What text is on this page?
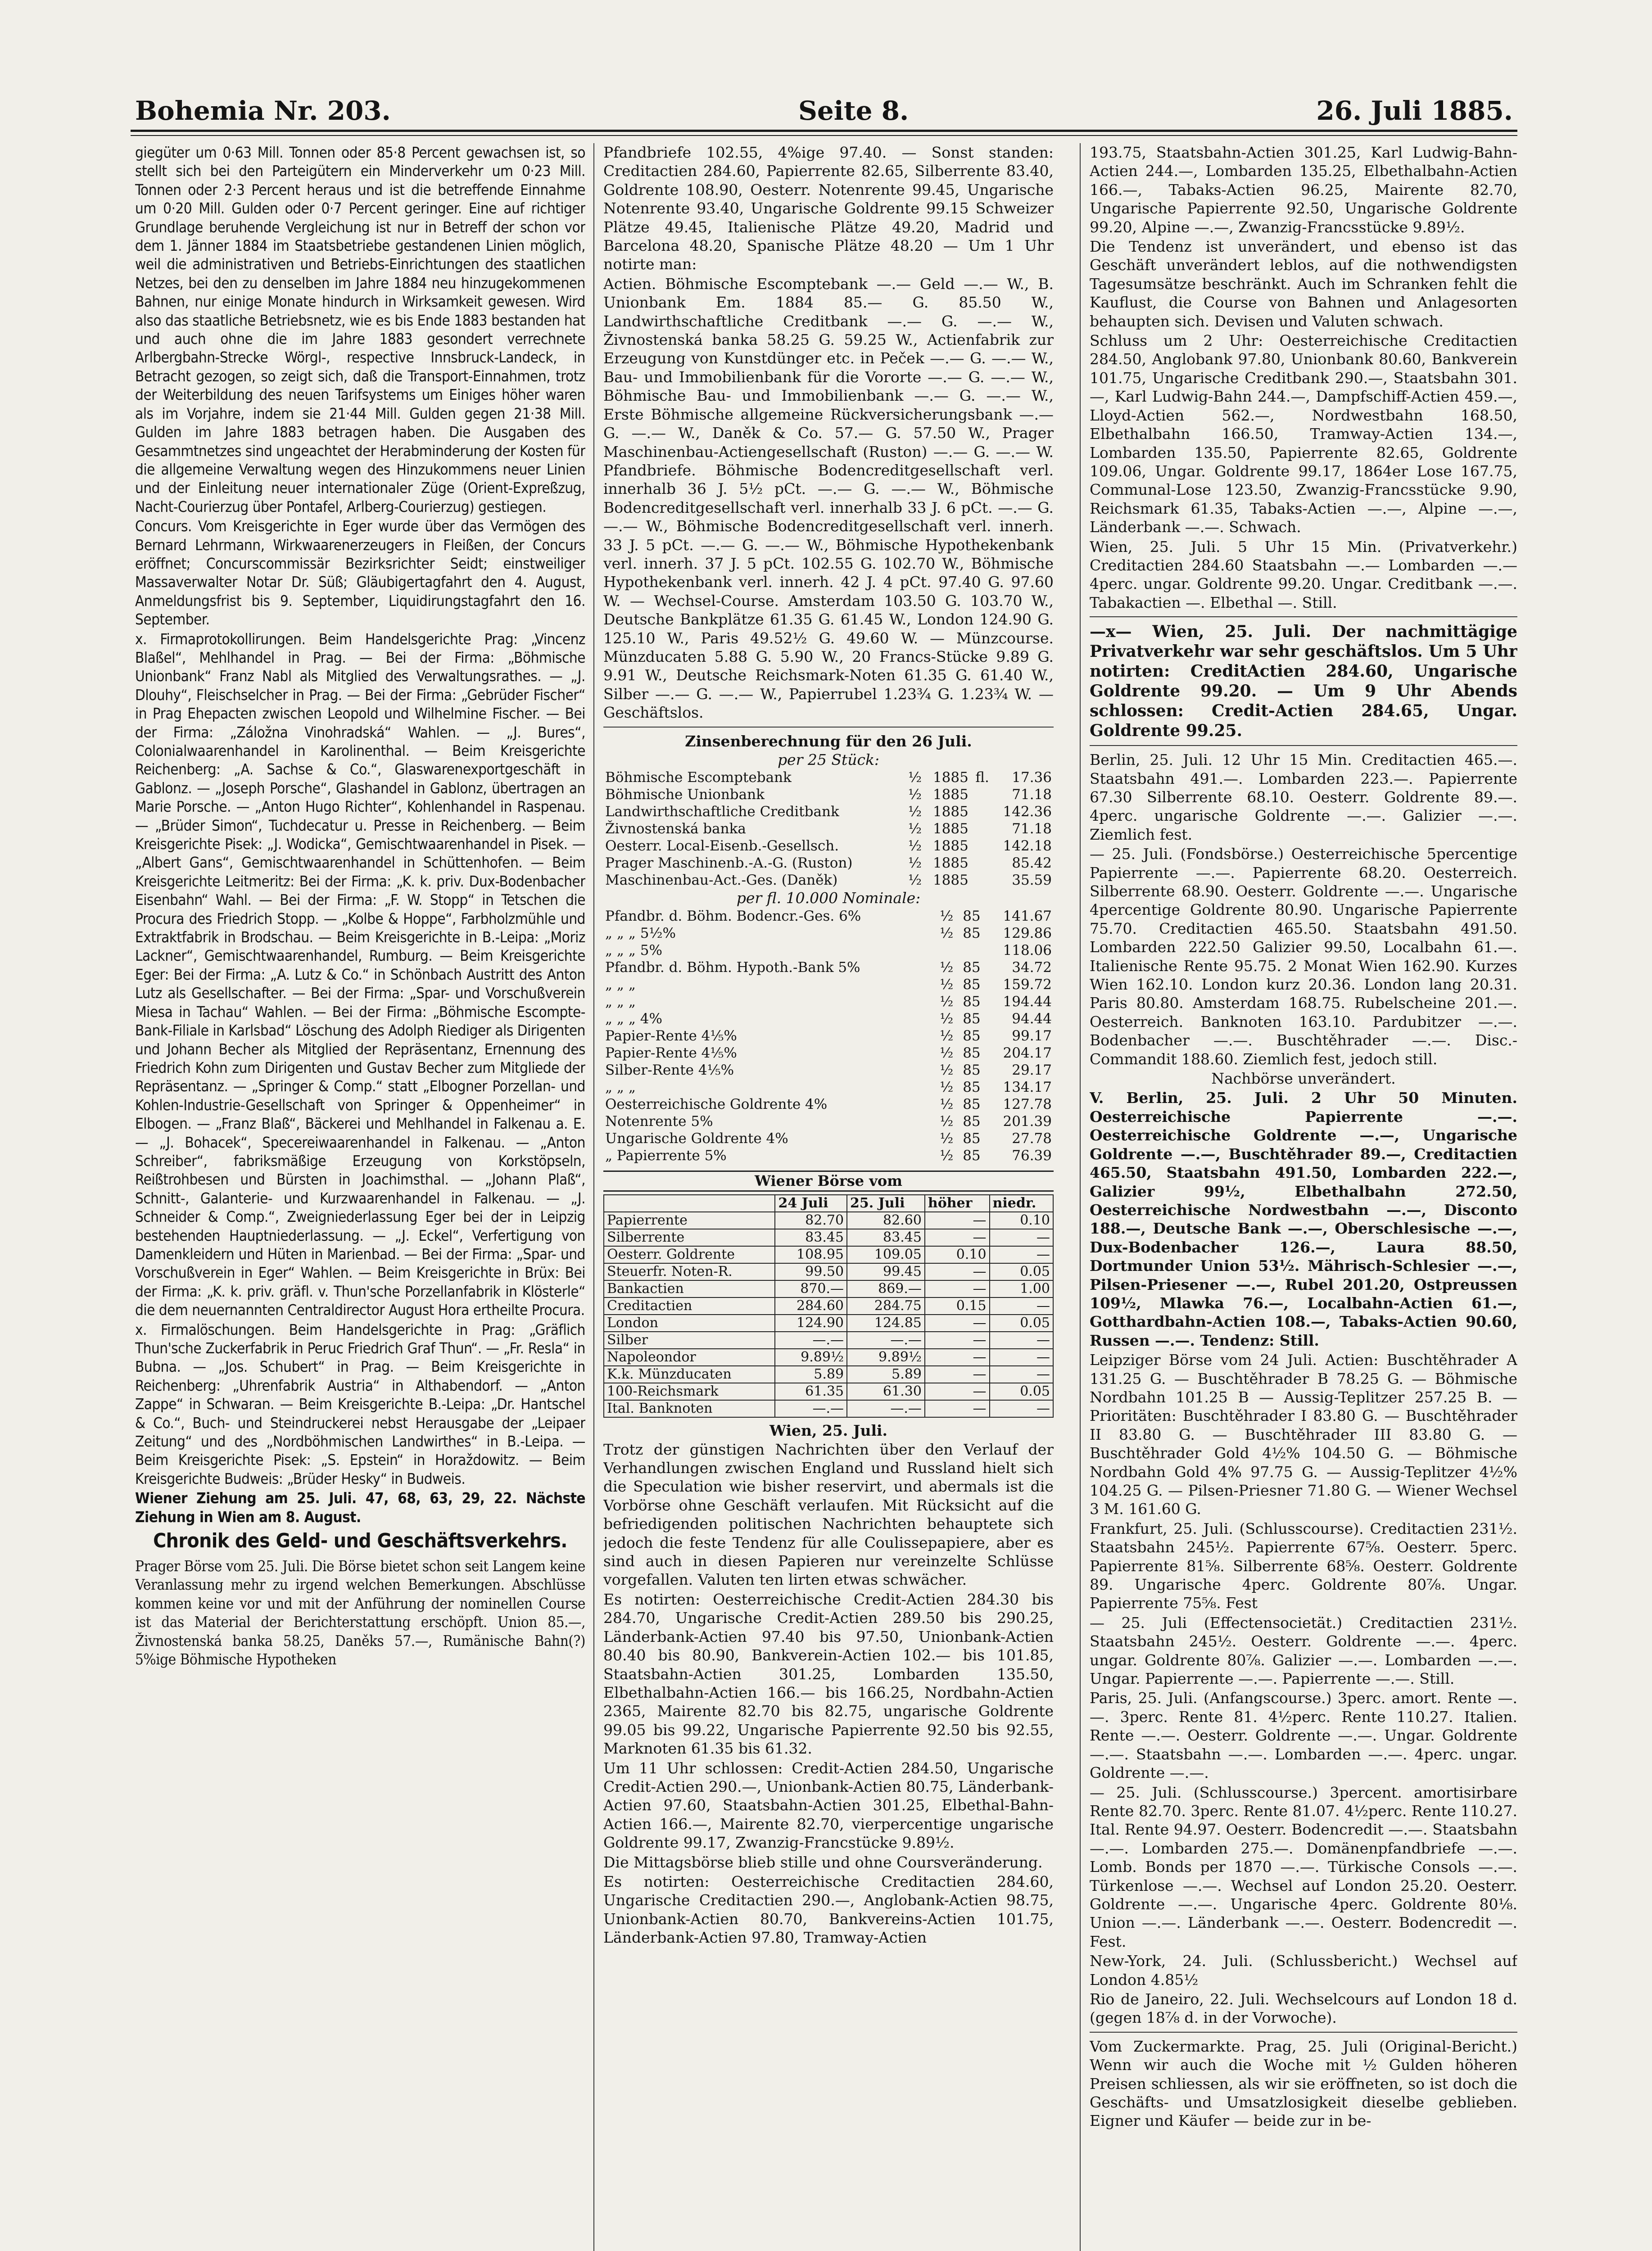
Bohemia Nr. 203.	Seite 8.	26. Juli 1885.

giegüter um 0·63 Mill. Tonnen oder 85·8 Percent gewachsen ist, so stellt sich bei den Parteigütern ein Minderverkehr um 0·23 Mill. Tonnen oder 2·3 Percent heraus und ist die betreffende Einnahme um 0·20 Mill. Gulden oder 0·7 Percent geringer. Eine auf richtiger Grundlage beruhende Vergleichung ist nur in Betreff der schon vor dem 1. Jänner 1884 im Staatsbetriebe gestandenen Linien möglich, weil die administrativen und Betriebs-Einrichtungen des staatlichen Netzes, bei den zu denselben im Jahre 1884 neu hinzugekommenen Bahnen, nur einige Monate hindurch in Wirksamkeit gewesen. Wird also das staatliche Betriebsnetz, wie es bis Ende 1883 bestanden hat und auch ohne die im Jahre 1883 gesondert verrechnete Arlbergbahn-Strecke Wörgl-, respective Innsbruck-Landeck, in Betracht gezogen, so zeigt sich, daß die Transport-Einnahmen, trotz der Weiterbildung des neuen Tarifsystems um Einiges höher waren als im Vorjahre, indem sie 21·44 Mill. Gulden gegen 21·38 Mill. Gulden im Jahre 1883 betragen haben. Die Ausgaben des Gesammtnetzes sind ungeachtet der Herabminderung der Kosten für die allgemeine Verwaltung wegen des Hinzukommens neuer Linien und der Einleitung neuer internationaler Züge (Orient-Expreßzug, Nacht-Courierzug über Pontafel, Arlberg-Courierzug) gestiegen.

Concurs. Vom Kreisgerichte in Eger wurde über das Vermögen des Bernard Lehrmann, Wirkwaarenerzeugers in Fleißen, der Concurs eröffnet; Concurscommissär Bezirksrichter Seidt; einstweiliger Massaverwalter Notar Dr. Süß; Gläubigertagfahrt den 4. August, Anmeldungsfrist bis 9. September, Liquidirungstagfahrt den 16. September.

x. Firmaprotokollirungen. Beim Handelsgerichte Prag: „Vincenz Blaßel“, Mehlhandel in Prag. — Bei der Firma: „Böhmische Unionbank“ Franz Nabl als Mitglied des Verwaltungsrathes. — „J. Dlouhy“, Fleischselcher in Prag. — Bei der Firma: „Gebrüder Fischer“ in Prag Ehepacten zwischen Leopold und Wilhelmine Fischer. — Bei der Firma: „Záložna Vinohradská“ Wahlen. — „J. Bures“, Colonialwaarenhandel in Karolinenthal. — Beim Kreisgerichte Reichenberg: „A. Sachse & Co.“, Glaswarenexportgeschäft in Gablonz. — „Joseph Porsche“, Glashandel in Gablonz, übertragen an Marie Porsche. — „Anton Hugo Richter“, Kohlenhandel in Raspenau. — „Brüder Simon“, Tuchdecatur u. Presse in Reichenberg. — Beim Kreisgerichte Pisek: „J. Wodicka“, Gemischtwaarenhandel in Pisek. — „Albert Gans“, Gemischtwaarenhandel in Schüttenhofen. — Beim Kreisgerichte Leitmeritz: Bei der Firma: „K. k. priv. Dux-Bodenbacher Eisenbahn“ Wahl. — Bei der Firma: „F. W. Stopp“ in Tetschen die Procura des Friedrich Stopp. — „Kolbe & Hoppe“, Farbholzmühle und Extraktfabrik in Brodschau. — Beim Kreisgerichte in B.-Leipa: „Moriz Lackner“, Gemischtwaarenhandel, Rumburg. — Beim Kreisgerichte Eger: Bei der Firma: „A. Lutz & Co.“ in Schönbach Austritt des Anton Lutz als Gesellschafter. — Bei der Firma: „Spar- und Vorschußverein Miesa in Tachau“ Wahlen. — Bei der Firma: „Böhmische Escompte-Bank-Filiale in Karlsbad“ Löschung des Adolph Riediger als Dirigenten und Johann Becher als Mitglied der Repräsentanz, Ernennung des Friedrich Kohn zum Dirigenten und Gustav Becher zum Mitgliede der Repräsentanz. — „Springer & Comp.“ statt „Elbogner Porzellan- und Kohlen-Industrie-Gesellschaft von Springer & Oppenheimer“ in Elbogen. — „Franz Blaß“, Bäckerei und Mehlhandel in Falkenau a. E. — „J. Bohacek“, Specereiwaarenhandel in Falkenau. — „Anton Schreiber“, fabriksmäßige Erzeugung von Korkstöpseln, Reißtrohbesen und Bürsten in Joachimsthal. — „Johann Plaß“, Schnitt-, Galanterie- und Kurzwaarenhandel in Falkenau. — „J. Schneider & Comp.“, Zweigniederlassung Eger bei der in Leipzig bestehenden Hauptniederlassung. — „J. Eckel“, Verfertigung von Damenkleidern und Hüten in Marienbad. — Bei der Firma: „Spar- und Vorschußverein in Eger“ Wahlen. — Beim Kreisgerichte in Brüx: Bei der Firma: „K. k. priv. gräfl. v. Thun'sche Porzellanfabrik in Klösterle“ die dem neuernannten Centraldirector August Hora ertheilte Procura.

x. Firmalöschungen. Beim Handelsgerichte in Prag: „Gräflich Thun'sche Zuckerfabrik in Peruc Friedrich Graf Thun“. — „Fr. Resla“ in Bubna. — „Jos. Schubert“ in Prag. — Beim Kreisgerichte in Reichenberg: „Uhrenfabrik Austria“ in Althabendorf. — „Anton Zappe“ in Schwaran. — Beim Kreisgerichte B.-Leipa: „Dr. Hantschel & Co.“, Buch- und Steindruckerei nebst Herausgabe der „Leipaer Zeitung“ und des „Nordböhmischen Landwirthes“ in B.-Leipa. — Beim Kreisgerichte Pisek: „S. Epstein“ in Horaždowitz. — Beim Kreisgerichte Budweis: „Brüder Hesky“ in Budweis.

Wiener Ziehung am 25. Juli. 47, 68, 63, 29, 22. Nächste Ziehung in Wien am 8. August.

Chronik des Geld- und Geschäftsverkehrs.

Prager Börse vom 25. Juli. Die Börse bietet schon seit Langem keine Veranlassung mehr zu irgend welchen Bemerkungen. Abschlüsse kommen keine vor und mit der Anführung der nominellen Course ist das Material der Berichterstattung erschöpft. Union 85.—, Živnostenská banka 58.25, Daněks 57.—, Rumänische Bahn(?) 5%ige Böhmische Hypotheken

Pfandbriefe 102.55, 4%ige 97.40. — Sonst standen: Creditactien 284.60, Papierrente 82.65, Silberrente 83.40, Goldrente 108.90, Oesterr. Notenrente 99.45, Ungarische Notenrente 93.40, Ungarische Goldrente 99.15 Schweizer Plätze 49.45, Italienische Plätze 49.20, Madrid und Barcelona 48.20, Spanische Plätze 48.20 — Um 1 Uhr notirte man:

Actien. Böhmische Escomptebank —.— Geld —.— W., B. Unionbank Em. 1884 85.— G. 85.50 W., Landwirthschaftliche Creditbank —.— G. —.— W., Živnostenská banka 58.25 G. 59.25 W., Actienfabrik zur Erzeugung von Kunstdünger etc. in Peček —.— G. —.— W., Bau- und Immobilienbank für die Vororte —.— G. —.— W., Böhmische Bau- und Immobilienbank —.— G. —.— W., Erste Böhmische allgemeine Rückversicherungsbank —.— G. —.— W., Daněk & Co. 57.— G. 57.50 W., Prager Maschinenbau-Actiengesellschaft (Ruston) —.— G. —.— W. Pfandbriefe. Böhmische Bodencreditgesellschaft verl. innerhalb 36 J. 5½ pCt. —.— G. —.— W., Böhmische Bodencreditgesellschaft verl. innerhalb 33 J. 6 pCt. —.— G. —.— W., Böhmische Bodencreditgesellschaft verl. innerh. 33 J. 5 pCt. —.— G. —.— W., Böhmische Hypothekenbank verl. innerh. 37 J. 5 pCt. 102.55 G. 102.70 W., Böhmische Hypothekenbank verl. innerh. 42 J. 4 pCt. 97.40 G. 97.60 W. — Wechsel-Course. Amsterdam 103.50 G. 103.70 W., Deutsche Bankplätze 61.35 G. 61.45 W., London 124.90 G. 125.10 W., Paris 49.52½ G. 49.60 W. — Münzcourse. Münzducaten 5.88 G. 5.90 W., 20 Francs-Stücke 9.89 G. 9.91 W., Deutsche Reichsmark-Noten 61.35 G. 61.40 W., Silber —.— G. —.— W., Papierrubel 1.23¾ G. 1.23¾ W. — Geschäftslos.

Zinsenberechnung für den 26 Juli.
per 25 Stück:
Böhmische Escomptebank	½	1885	fl.	17.36
Böhmische Unionbank	½	1885		71.18
Landwirthschaftliche Creditbank	½	1885		142.36
Živnostenská banka	½	1885		71.18
Oesterr. Local-Eisenb.-Gesellsch.	½	1885		142.18
Prager Maschinenb.-A.-G. (Ruston)	½	1885		85.42
Maschinenbau-Act.-Ges. (Daněk)	½	1885		35.59
per fl. 10.000 Nominale:
Pfandbr. d. Böhm. Bodencr.-Ges. 6%	½	85		141.67
„ „ „ 5½%	½	85		129.86
„ „ „ 5%				118.06
Pfandbr. d. Böhm. Hypoth.-Bank 5%	½	85		34.72
„ „ „	½	85		159.72
„ „ „	½	85		194.44
„ „ „ 4%	½	85		94.44
Papier-Rente 4⅕%	½	85		99.17
Papier-Rente 4⅕%	½	85		204.17
Silber-Rente 4⅕%	½	85		29.17
„ „ „	½	85		134.17
Oesterreichische Goldrente 4%	½	85		127.78
Notenrente 5%	½	85		201.39
Ungarische Goldrente 4%	½	85		27.78
„ Papierrente 5%	½	85		76.39
Wiener Börse vom
	24 Juli	25. Juli	höher	niedr.
Papierrente	82.70	82.60	—	0.10
Silberrente	83.45	83.45	—	—
Oesterr. Goldrente	108.95	109.05	0.10	—
Steuerfr. Noten-R.	99.50	99.45	—	0.05
Bankactien	870.—	869.—	—	1.00
Creditactien	284.60	284.75	0.15	—
London	124.90	124.85	—	0.05
Silber	—.—	—.—	—	—
Napoleondor	9.89½	9.89½	—	—
K.k. Münzducaten	5.89	5.89	—	—
100-Reichsmark	61.35	61.30	—	0.05
Ital. Banknoten	—.—	—.—	—	—
Wien, 25. Juli.

Trotz der günstigen Nachrichten über den Verlauf der Verhandlungen zwischen England und Russland hielt sich die Speculation wie bisher reservirt, und abermals ist die Vorbörse ohne Geschäft verlaufen. Mit Rücksicht auf die befriedigenden politischen Nachrichten behauptete sich jedoch die feste Tendenz für alle Coulissepapiere, aber es sind auch in diesen Papieren nur vereinzelte Schlüsse vorgefallen. Valuten ten lirten etwas schwächer.

Es notirten: Oesterreichische Credit-Actien 284.30 bis 284.70, Ungarische Credit-Actien 289.50 bis 290.25, Länderbank-Actien 97.40 bis 97.50, Unionbank-Actien 80.40 bis 80.90, Bankverein-Actien 102.— bis 101.85, Staatsbahn-Actien 301.25, Lombarden 135.50, Elbethalbahn-Actien 166.— bis 166.25, Nordbahn-Actien 2365, Mairente 82.70 bis 82.75, ungarische Goldrente 99.05 bis 99.22, Ungarische Papierrente 92.50 bis 92.55, Marknoten 61.35 bis 61.32.

Um 11 Uhr schlossen: Credit-Actien 284.50, Ungarische Credit-Actien 290.—, Unionbank-Actien 80.75, Länderbank-Actien 97.60, Staatsbahn-Actien 301.25, Elbethal-Bahn-Actien 166.—, Mairente 82.70, vierpercentige ungarische Goldrente 99.17, Zwanzig-Francstücke 9.89½.

Die Mittagsbörse blieb stille und ohne Coursveränderung.

Es notirten: Oesterreichische Creditactien 284.60, Ungarische Creditactien 290.—, Anglobank-Actien 98.75, Unionbank-Actien 80.70, Bankvereins-Actien 101.75, Länderbank-Actien 97.80, Tramway-Actien

193.75, Staatsbahn-Actien 301.25, Karl Ludwig-Bahn-Actien 244.—, Lombarden 135.25, Elbethalbahn-Actien 166.—, Tabaks-Actien 96.25, Mairente 82.70, Ungarische Papierrente 92.50, Ungarische Goldrente 99.20, Alpine —.—, Zwanzig-Francsstücke 9.89½.

Die Tendenz ist unverändert, und ebenso ist das Geschäft unverändert leblos, auf die nothwendigsten Tagesumsätze beschränkt. Auch im Schranken fehlt die Kauflust, die Course von Bahnen und Anlagesorten behaupten sich. Devisen und Valuten schwach.

Schluss um 2 Uhr: Oesterreichische Creditactien 284.50, Anglobank 97.80, Unionbank 80.60, Bankverein 101.75, Ungarische Creditbank 290.—, Staatsbahn 301.—, Karl Ludwig-Bahn 244.—, Dampfschiff-Actien 459.—, Lloyd-Actien 562.—, Nordwestbahn 168.50, Elbethalbahn 166.50, Tramway-Actien 134.—, Lombarden 135.50, Papierrente 82.65, Goldrente 109.06, Ungar. Goldrente 99.17, 1864er Lose 167.75, Communal-Lose 123.50, Zwanzig-Francsstücke 9.90, Reichsmark 61.35, Tabaks-Actien —.—, Alpine —.—, Länderbank —.—. Schwach.

Wien, 25. Juli. 5 Uhr 15 Min. (Privatverkehr.) Creditactien 284.60 Staatsbahn —.— Lombarden —.— 4perc. ungar. Goldrente 99.20. Ungar. Creditbank —.—. Tabakactien —. Elbethal —. Still.

—x— Wien, 25. Juli. Der nachmittägige Privatverkehr war sehr geschäftslos. Um 5 Uhr notirten: CreditActien 284.60, Ungarische Goldrente 99.20. — Um 9 Uhr Abends schlossen: Credit-Actien 284.65, Ungar. Goldrente 99.25.

Berlin, 25. Juli. 12 Uhr 15 Min. Creditactien 465.—. Staatsbahn 491.—. Lombarden 223.—. Papierrente 67.30 Silberrente 68.10. Oesterr. Goldrente 89.—. 4perc. ungarische Goldrente —.—. Galizier —.—. Ziemlich fest.

— 25. Juli. (Fondsbörse.) Oesterreichische 5percentige Papierrente —.—. Papierrente 68.20. Oesterreich. Silberrente 68.90. Oesterr. Goldrente —.—. Ungarische 4percentige Goldrente 80.90. Ungarische Papierrente 75.70. Creditactien 465.50. Staatsbahn 491.50. Lombarden 222.50 Galizier 99.50, Localbahn 61.—. Italienische Rente 95.75. 2 Monat Wien 162.90. Kurzes Wien 162.10. London kurz 20.36. London lang 20.31. Paris 80.80. Amsterdam 168.75. Rubelscheine 201.—. Oesterreich. Banknoten 163.10. Pardubitzer —.—. Bodenbacher —.—. Buschtěhrader —.—. Disc.-Commandit 188.60. Ziemlich fest, jedoch still.

Nachbörse unverändert.

V. Berlin, 25. Juli. 2 Uhr 50 Minuten. Oesterreichische Papierrente —.—. Oesterreichische Goldrente —.—, Ungarische Goldrente —.—, Buschtěhrader 89.—, Creditactien 465.50, Staatsbahn 491.50, Lombarden 222.—, Galizier 99½, Elbethalbahn 272.50, Oesterreichische Nordwestbahn —.—, Disconto 188.—, Deutsche Bank —.—, Oberschlesische —.—, Dux-Bodenbacher 126.—, Laura 88.50, Dortmunder Union 53½. Mährisch-Schlesier —.—, Pilsen-Priesener —.—, Rubel 201.20, Ostpreussen 109½, Mlawka 76.—, Localbahn-Actien 61.—, Gotthardbahn-Actien 108.—, Tabaks-Actien 90.60, Russen —.—. Tendenz: Still.

Leipziger Börse vom 24 Juli. Actien: Buschtěhrader A 131.25 G. — Buschtěhrader B 78.25 G. — Böhmische Nordbahn 101.25 B — Aussig-Teplitzer 257.25 B. — Prioritäten: Buschtěhrader I 83.80 G. — Buschtěhrader II 83.80 G. — Buschtěhrader III 83.80 G. — Buschtěhrader Gold 4½% 104.50 G. — Böhmische Nordbahn Gold 4% 97.75 G. — Aussig-Teplitzer 4½% 104.25 G. — Pilsen-Priesner 71.80 G. — Wiener Wechsel 3 M. 161.60 G.

Frankfurt, 25. Juli. (Schlusscourse). Creditactien 231½. Staatsbahn 245½. Papierrente 67⅝. Oesterr. 5perc. Papierrente 81⅝. Silberrente 68⅝. Oesterr. Goldrente 89. Ungarische 4perc. Goldrente 80⅞. Ungar. Papierrente 75⅝. Fest

— 25. Juli (Effectensocietät.) Creditactien 231½. Staatsbahn 245½. Oesterr. Goldrente —.—. 4perc. ungar. Goldrente 80⅞. Galizier —.—. Lombarden —.—. Ungar. Papierrente —.—. Papierrente —.—. Still.

Paris, 25. Juli. (Anfangscourse.) 3perc. amort. Rente —.—. 3perc. Rente 81. 4½perc. Rente 110.27. Italien. Rente —.—. Oesterr. Goldrente —.—. Ungar. Goldrente —.—. Staatsbahn —.—. Lombarden —.—. 4perc. ungar. Goldrente —.—.

— 25. Juli. (Schlusscourse.) 3percent. amortisirbare Rente 82.70. 3perc. Rente 81.07. 4½perc. Rente 110.27. Ital. Rente 94.97. Oesterr. Bodencredit —.—. Staatsbahn —.—. Lombarden 275.—. Domänenpfandbriefe —.—. Lomb. Bonds per 1870 —.—. Türkische Consols —.—. Türkenlose —.—. Wechsel auf London 25.20. Oesterr. Goldrente —.—. Ungarische 4perc. Goldrente 80⅛. Union —.—. Länderbank —.—. Oesterr. Bodencredit —. Fest.

New-York, 24. Juli. (Schlussbericht.) Wechsel auf London 4.85½

Rio de Janeiro, 22. Juli. Wechselcours auf London 18 d. (gegen 18⅞ d. in der Vorwoche).

Vom Zuckermarkte. Prag, 25. Juli (Original-Bericht.) Wenn wir auch die Woche mit ½ Gulden höheren Preisen schliessen, als wir sie eröffneten, so ist doch die Geschäfts- und Umsatzlosigkeit dieselbe geblieben. Eigner und Käufer — beide zur in be-
